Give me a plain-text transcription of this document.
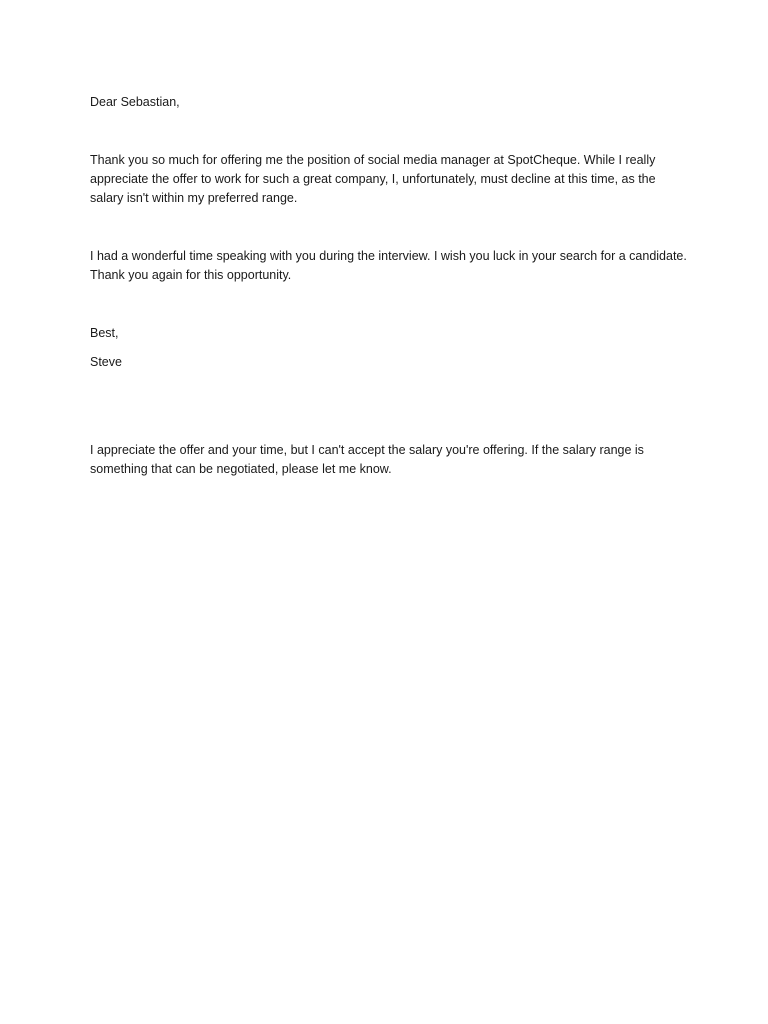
Dear Sebastian,
Thank you so much for offering me the position of social media manager at SpotCheque. While I really appreciate the offer to work for such a great company, I, unfortunately, must decline at this time, as the salary isn't within my preferred range.
I had a wonderful time speaking with you during the interview. I wish you luck in your search for a candidate. Thank you again for this opportunity.
Best,
Steve
I appreciate the offer and your time, but I can't accept the salary you're offering. If the salary range is something that can be negotiated, please let me know.
